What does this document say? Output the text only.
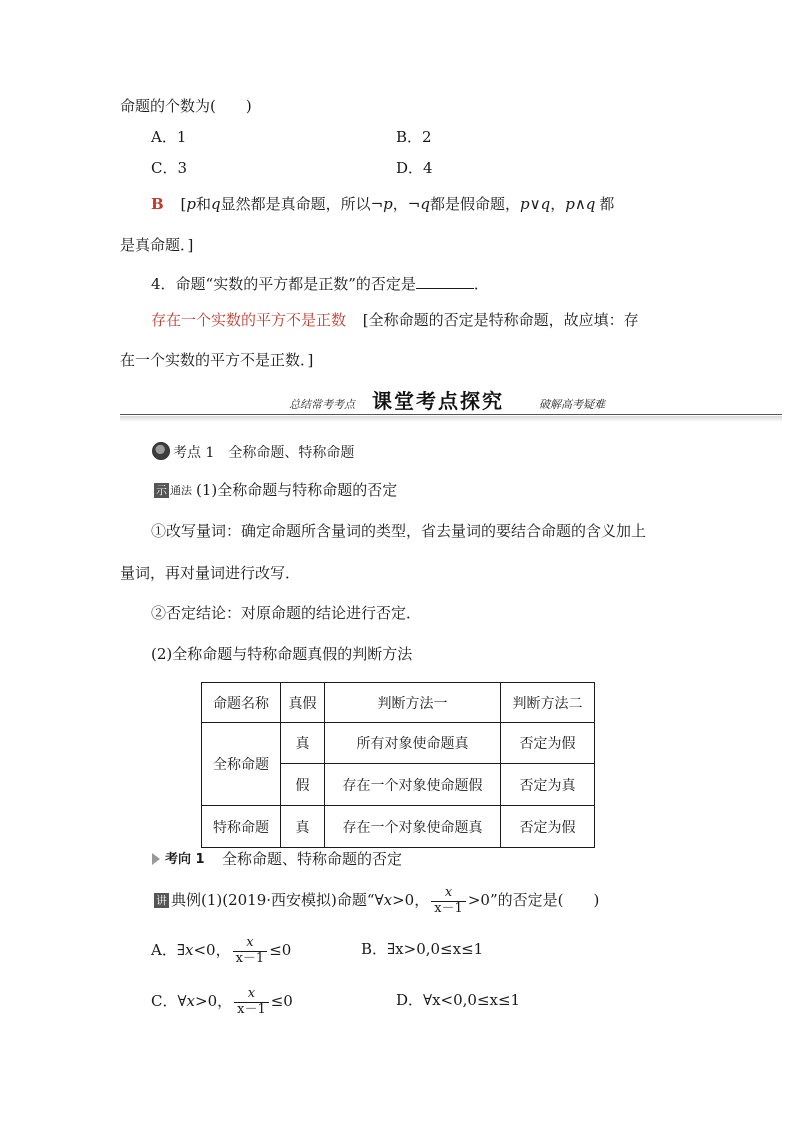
命题的个数为(　　)
A．1	B．2
C．3	D．4
B [p和q显然都是真命题，所以¬p，¬q都是假命题，p∨q，p∧q 都
是真命题．]
4．命题“实数的平方都是正数”的否定是	．
存在一个实数的平方不是正数 [全称命题的否定是特称命题，故应填：存
在一个实数的平方不是正数．]
总结常考考点 课堂考点探究	破解高考疑难
考点 1　全称命题、特称命题
示 通法 (1)全称命题与特称命题的否定
①改写量词：确定命题所含量词的类型，省去量词的要结合命题的含义加上
量词，再对量词进行改写．
②否定结论：对原命题的结论进行否定．
(2)全称命题与特称命题真假的判断方法
命题名称	真假	判断方法一	判断方法二
全称命题	真	所有对象使命题真	否定为假
	假	存在一个对象使命题假	否定为真
特称命题	真	存在一个对象使命题真	否定为假
考向 1 全称命题、特称命题的否定
讲 典例(1)(2019·西安模拟)命题“∀x>0， $\frac{x}{x-1} >0$”的否定是(　　)
A．∃x<0， $\frac{x}{x-1} \le 0$	B．∃x>0,0≤x≤1
C．∀x>0， $\frac{x}{x-1} \le 0$	D．∀x<0,0≤x≤1
